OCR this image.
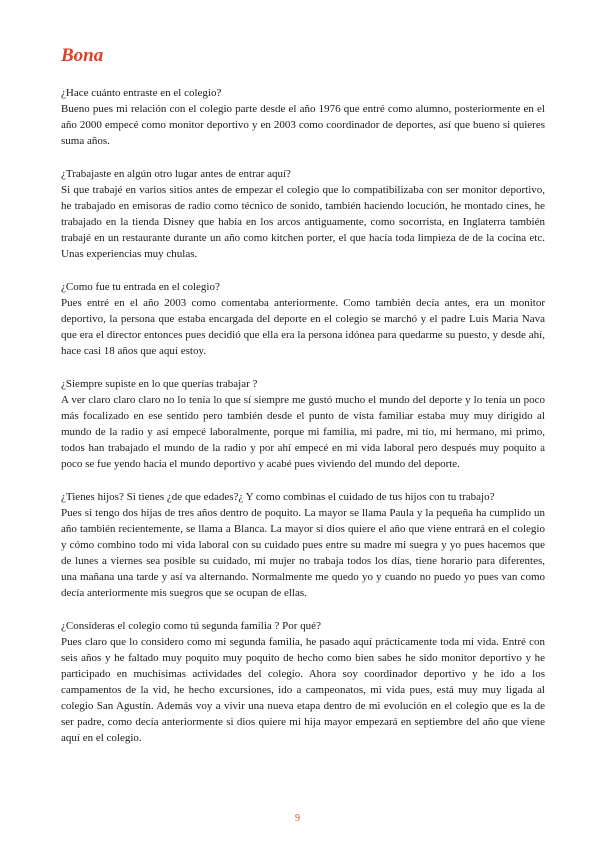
Bona

¿Hace cuánto entraste en el colegio?

Bueno pues mi relación con el colegio parte desde el año 1976 que entré como alumno, posteriormente en el año 2000 empecé como monitor deportivo y en 2003 como coordinador de deportes, así que bueno si quieres suma años.

¿Trabajaste en algún otro lugar antes de entrar aquí?

Si que trabajé en varios sitios antes de empezar el colegio que lo compatibilizaba con ser monitor deportivo, he trabajado en emisoras de radio como técnico de sonido, también haciendo locución, he montado cines, he trabajado en la tienda Disney que había en los arcos antiguamente, como socorrista, en Inglaterra también trabajé en un restaurante durante un año como kitchen porter, el que hacía toda limpieza de de la cocina etc. Unas experiencias muy chulas.

¿Como fue tu entrada en el colegio?

Pues entré en el año 2003 como comentaba anteriormente. Como también decía antes, era un monitor deportivo, la persona que estaba encargada del deporte en el colegio se marchó y el padre Luis Maria Nava que era el director entonces pues decidió que ella era la persona idónea para quedarme su puesto, y desde ahí, hace casi 18 años que aquí estoy.

¿Siempre supiste en lo que querías trabajar ?

A ver claro claro claro no lo tenía lo que sí siempre me gustó mucho el mundo del deporte y lo tenía un poco más focalizado en ese sentido pero también desde el punto de vista familiar estaba muy muy dirigido al mundo de la radio y así empecé laboralmente, porque mi familia, mi padre, mi tío, mi hermano, mi primo, todos han trabajado el mundo de la radio y por ahí empecé en mi vida laboral pero después muy poquito a poco se fue yendo hacia el mundo deportivo y acabé pues viviendo del mundo del deporte.

¿Tienes hijos? Si tienes ¿de que edades?¿ Y como combinas el cuidado de tus hijos con tu trabajo?

Pues si tengo dos hijas de tres años dentro de poquito. La mayor se llama Paula y la pequeña ha cumplido un año también recientemente, se llama a Blanca. La mayor si dios quiere el año que viene entrará en el colegio y cómo combino todo mi vida laboral con su cuidado pues entre su madre mi suegra y yo pues hacemos que de lunes a viernes sea posible su cuidado, mi mujer no trabaja todos los días, tiene horario para diferentes, una mañana una tarde y así va alternando. Normalmente me quedo yo y cuando no puedo yo pues van como decía anteriormente mis suegros que se ocupan de ellas.

¿Consideras el colegio como tú segunda familia ? Por qué?

Pues claro que lo considero como mi segunda familia, he pasado aquí prácticamente toda mi vida. Entré con seis años y he faltado muy poquito muy poquito de hecho como bien sabes he sido monitor deportivo y he participado en muchísimas actividades del colegio. Ahora soy coordinador deportivo y he ido a los campamentos de la vid, he hecho excursiones, ido a campeonatos, mi vida pues, está muy muy ligada al colegio San Agustín. Además voy a vivir una nueva etapa dentro de mi evolución en el colegio que es la de ser padre, como decía anteriormente si dios quiere mi hija mayor empezará en septiembre del año que viene aquí en el colegio.

9
